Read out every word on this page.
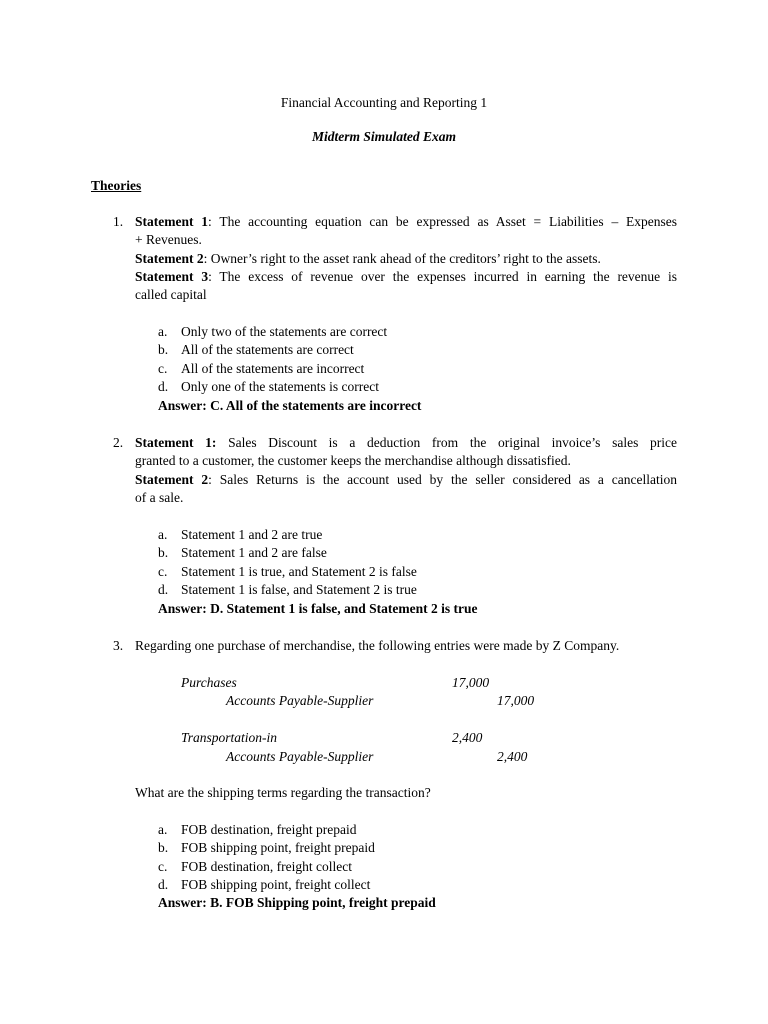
Financial Accounting and Reporting 1
Midterm Simulated Exam
Theories
1. Statement 1: The accounting equation can be expressed as Asset = Liabilities – Expenses
+ Revenues.
Statement 2: Owner’s right to the asset rank ahead of the creditors’ right to the assets.
Statement 3: The excess of revenue over the expenses incurred in earning the revenue is
called capital
a. Only two of the statements are correct
b. All of the statements are correct
c. All of the statements are incorrect
d. Only one of the statements is correct
Answer: C. All of the statements are incorrect
2. Statement 1: Sales Discount is a deduction from the original invoice’s sales price
granted to a customer, the customer keeps the merchandise although dissatisfied.
Statement 2: Sales Returns is the account used by the seller considered as a cancellation
of a sale.
a. Statement 1 and 2 are true
b. Statement 1 and 2 are false
c. Statement 1 is true, and Statement 2 is false
d. Statement 1 is false, and Statement 2 is true
Answer: D. Statement 1 is false, and Statement 2 is true
3. Regarding one purchase of merchandise, the following entries were made by Z Company.
Purchases	17,000
Accounts Payable-Supplier	17,000
Transportation-in	2,400
Accounts Payable-Supplier	2,400
What are the shipping terms regarding the transaction?
a. FOB destination, freight prepaid
b. FOB shipping point, freight prepaid
c. FOB destination, freight collect
d. FOB shipping point, freight collect
Answer: B. FOB Shipping point, freight prepaid
